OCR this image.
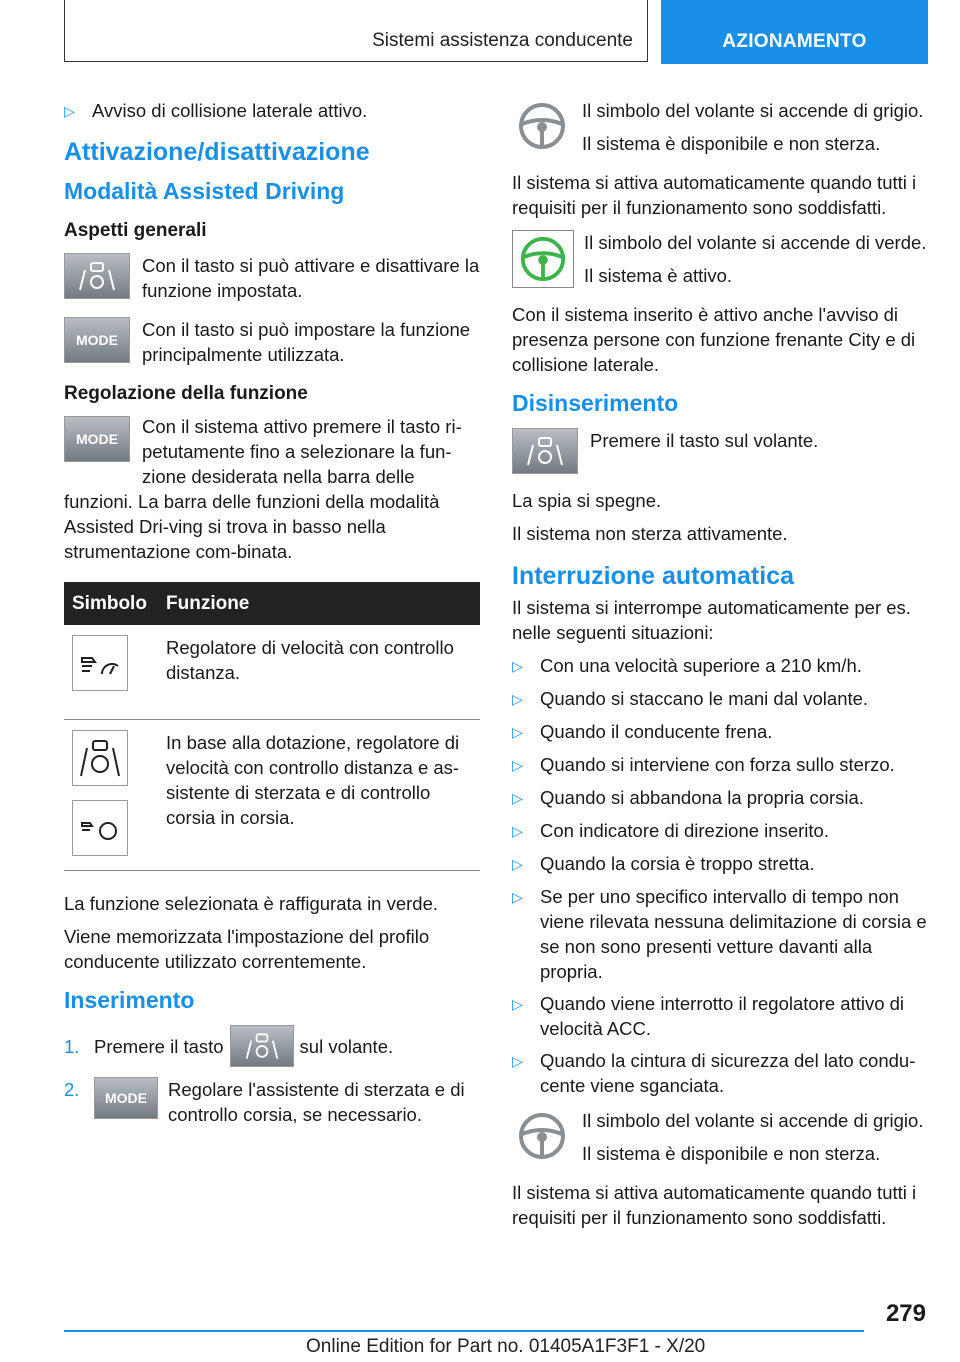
Sistemi assistenza conducente	AZIONAMENTO
▷ Avviso di collisione laterale attivo.
Attivazione/disattivazione
Modalità Assisted Driving
Aspetti generali
Con il tasto si può attivare e disattivare la funzione impostata.
MODE Con il tasto si può impostare la funzione principalmente utilizzata.
Regolazione della funzione

MODE
Con il sistema attivo premere il tasto ri-petutamente fino a selezionare la fun-zione desiderata nella barra delle funzioni. La barra delle funzioni della modalità Assisted Dri-ving si trova in basso nella strumentazione com-binata.

Simbolo	Funzione

	Regolatore di velocità con controllo distanza.

	In base alla dotazione, regolatore di velocità con controllo distanza e as-sistente di sterzata e di controllo corsia in corsia.

La funzione selezionata è raffigurata in verde.

Viene memorizzata l'impostazione del profilo conducente utilizzato correntemente.

Inserimento
1. Premere il tasto	sul volante.
2.	MODE Regolare l'assistente di sterzata e di controllo corsia, se necessario.

Il simbolo del volante si accende di grigio.

Il sistema è disponibile e non sterza.

Il sistema si attiva automaticamente quando tutti i requisiti per il funzionamento sono soddisfatti.

Il simbolo del volante si accende di verde.

Il sistema è attivo.

Con il sistema inserito è attivo anche l'avviso di presenza persone con funzione frenante City e di collisione laterale.

Disinserimento
Premere il tasto sul volante.

La spia si spegne.

Il sistema non sterza attivamente.

Interruzione automatica

Il sistema si interrompe automaticamente per es. nelle seguenti situazioni:

▷ Con una velocità superiore a 210 km/h.
▷ Quando si staccano le mani dal volante.
▷ Quando il conducente frena.
▷ Quando si interviene con forza sullo sterzo.
▷ Quando si abbandona la propria corsia.
▷ Con indicatore di direzione inserito.
▷ Quando la corsia è troppo stretta.
▷ Se per uno specifico intervallo di tempo non viene rilevata nessuna delimitazione di corsia e se non sono presenti vetture davanti alla propria.
▷ Quando viene interrotto il regolatore attivo di velocità ACC.
▷ Quando la cintura di sicurezza del lato condu-cente viene sganciata.

Il simbolo del volante si accende di grigio.

Il sistema è disponibile e non sterza.

Il sistema si attiva automaticamente quando tutti i requisiti per il funzionamento sono soddisfatti.

279
Online Edition for Part no. 01405A1F3F1 - X/20
